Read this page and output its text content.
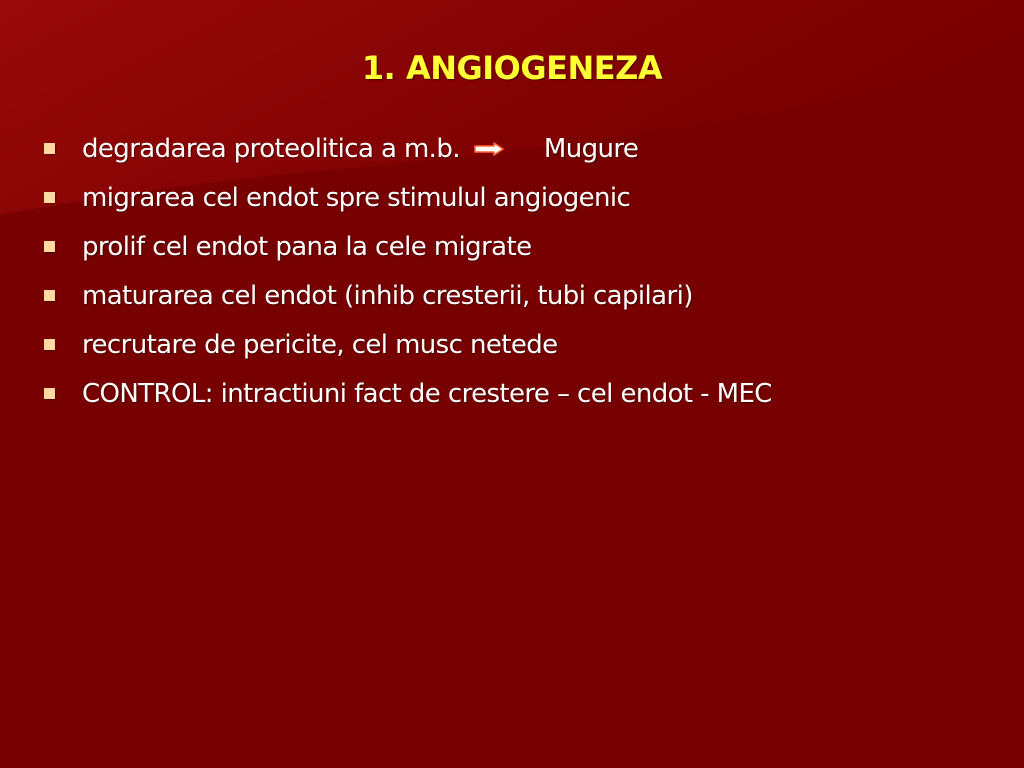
1. ANGIOGENEZA
degradarea proteolitica a m.b.	Mugure
migrarea cel endot spre stimulul angiogenic
prolif cel endot pana la cele migrate
maturarea cel endot (inhib cresterii, tubi capilari)
recrutare de pericite, cel musc netede
CONTROL: intractiuni fact de crestere – cel endot - MEC
